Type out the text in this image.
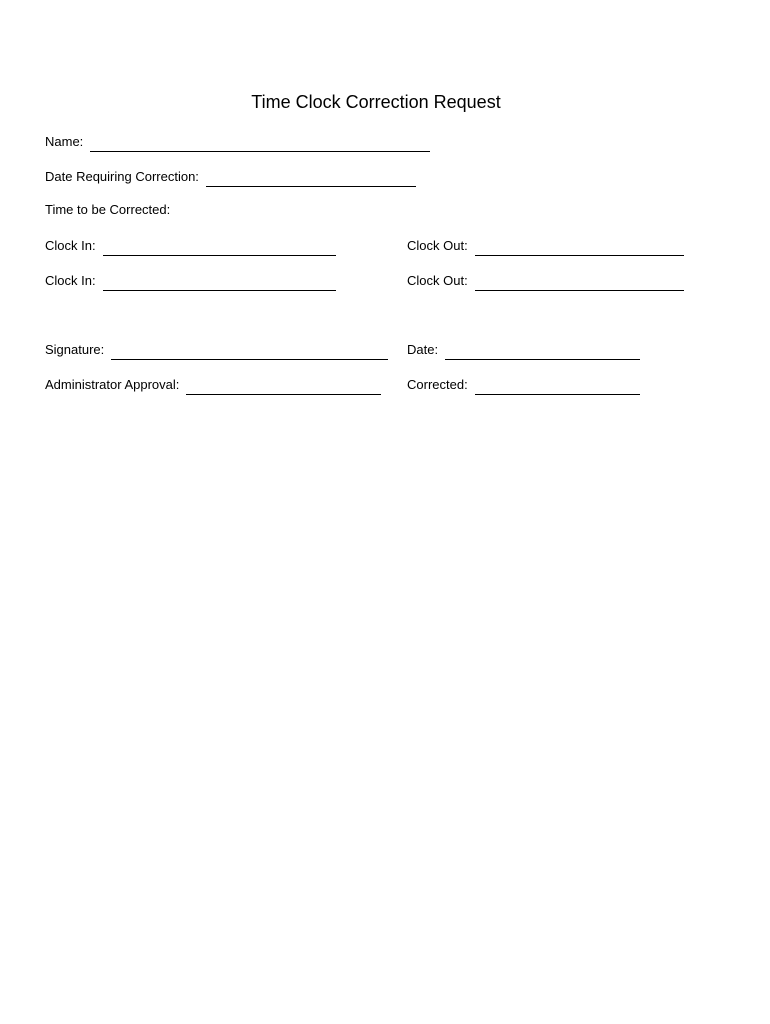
Time Clock Correction Request
Name:
Date Requiring Correction:
Time to be Corrected:
Clock In:	Clock Out:
Clock In:	Clock Out:
Signature:	Date:
Administrator Approval:	Corrected:
